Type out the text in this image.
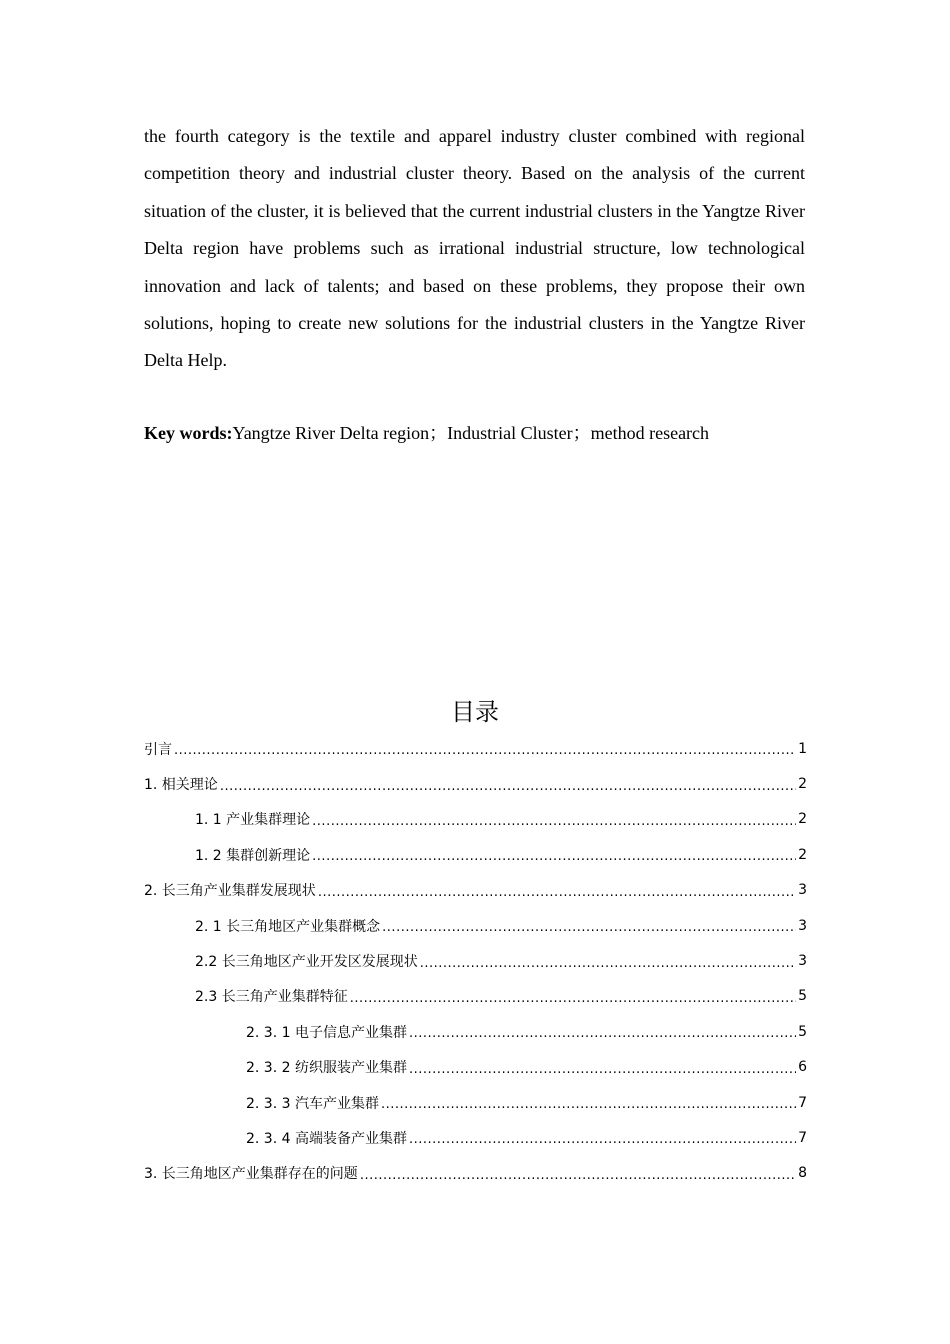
the fourth category is the textile and apparel industry cluster combined with regional competition theory and industrial cluster theory. Based on the analysis of the current situation of the cluster, it is believed that the current industrial clusters in the Yangtze River Delta region have problems such as irrational industrial structure, low technological innovation and lack of talents; and based on these problems, they propose their own solutions, hoping to create new solutions for the industrial clusters in the Yangtze River Delta Help.

Key words:Yangtze River Delta region；Industrial Cluster；method research
目录
引言 .....	1
1. 相关理论 .....	2
1. 1 产业集群理论 .....	2
1. 2 集群创新理论 .....	2
2. 长三角产业集群发展现状 .....	3
2. 1 长三角地区产业集群概念 .....	3
2.2 长三角地区产业开发区发展现状 .....	3
2.3 长三角产业集群特征 .....	5
2. 3. 1 电子信息产业集群 .....	5
2. 3. 2 纺织服装产业集群 .....	6
2. 3. 3 汽车产业集群 .....	7
2. 3. 4 高端装备产业集群 .....	7
3. 长三角地区产业集群存在的问题 .....	8
